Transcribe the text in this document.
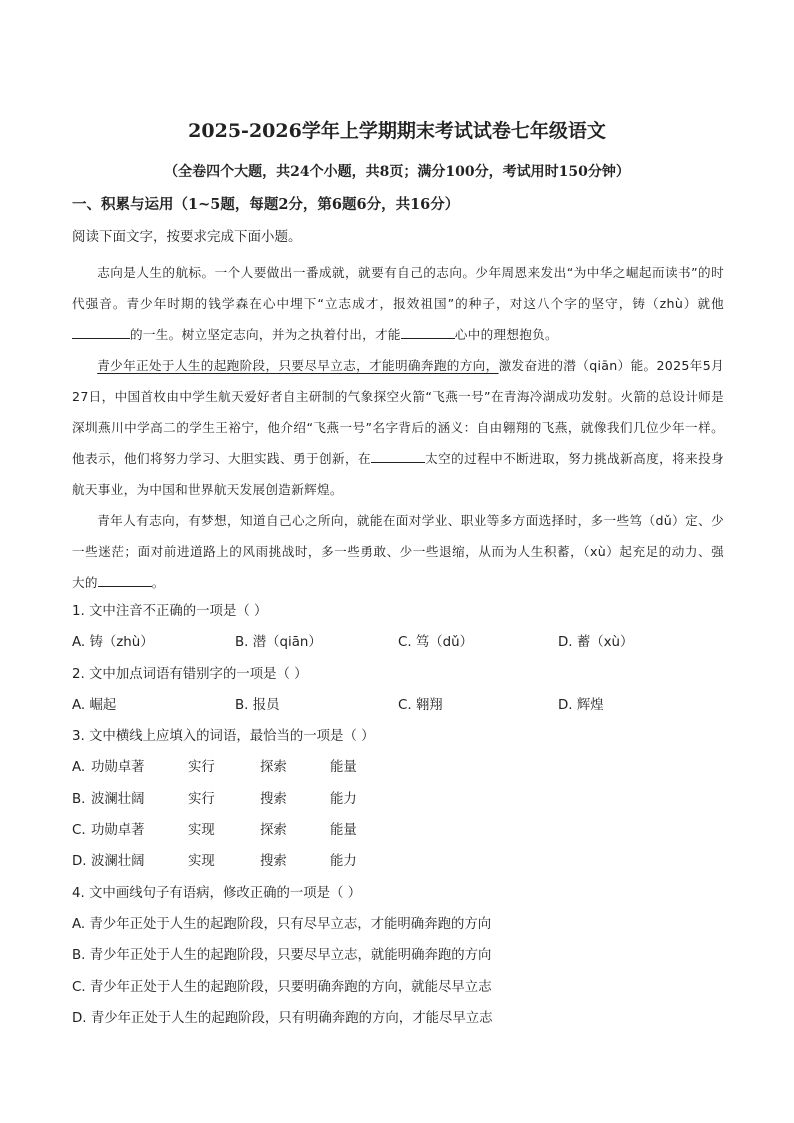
2025-2026学年上学期期末考试试卷七年级语文
（全卷四个大题，共24个小题，共8页；满分100分，考试用时150分钟）
一、积累与运用（1~5题，每题2分，第6题6分，共16分）
阅读下面文字，按要求完成下面小题。

志向是人生的航标。一个人要做出一番成就，就要有自己的志向。少年周恩来发出“为中华之崛起而读书”的时代强音。青少年时期的钱学森在心中埋下“立志成才，报效祖国”的种子，对这八个字的坚守，铸（zhù）就他的一生。树立坚定志向，并为之执着付出，才能	心中的理想抱负。

青少年正处于人生的起跑阶段，只要尽早立志，才能明确奔跑的方向，激发奋进的潜（qiān）能。2025年5月27日，中国首枚由中学生航天爱好者自主研制的气象探空火箭“飞燕一号”在青海冷湖成功发射。火箭的总设计师是深圳燕川中学高二的学生王裕宁，他介绍“飞燕一号”名字背后的涵义：自由翱翔的飞燕，就像我们几位少年一样。他表示，他们将努力学习、大胆实践、勇于创新，在	太空的过程中不断进取，努力挑战新高度，将来投身航天事业，为中国和世界航天发展创造新辉煌。

青年人有志向，有梦想，知道自己心之所向，就能在面对学业、职业等多方面选择时，多一些笃（dǔ）定、少一些迷茫；面对前进道路上的风雨挑战时，多一些勇敢、少一些退缩，从而为人生积蓄，（xù）起充足的动力、强大的	。

1. 文中注音不正确的一项是（ ）
A. 铸（zhù）	B. 潜（qiān）	C. 笃（dǔ）	D. 蓄（xù）
2. 文中加点词语有错别字的一项是（ ）
A. 崛起	B. 报员	C. 翱翔	D. 辉煌
3. 文中横线上应填入的词语，最恰当的一项是（ ）
A. 功勋卓著	实行	探索	能量
B. 波澜壮阔	实行	搜索	能力
C. 功勋卓著	实现	探索	能量
D. 波澜壮阔	实现	搜索	能力
4. 文中画线句子有语病，修改正确的一项是（ ）
A. 青少年正处于人生的起跑阶段，只有尽早立志，才能明确奔跑的方向
B. 青少年正处于人生的起跑阶段，只要尽早立志，就能明确奔跑的方向
C. 青少年正处于人生的起跑阶段，只要明确奔跑的方向，就能尽早立志
D. 青少年正处于人生的起跑阶段，只有明确奔跑的方向，才能尽早立志
